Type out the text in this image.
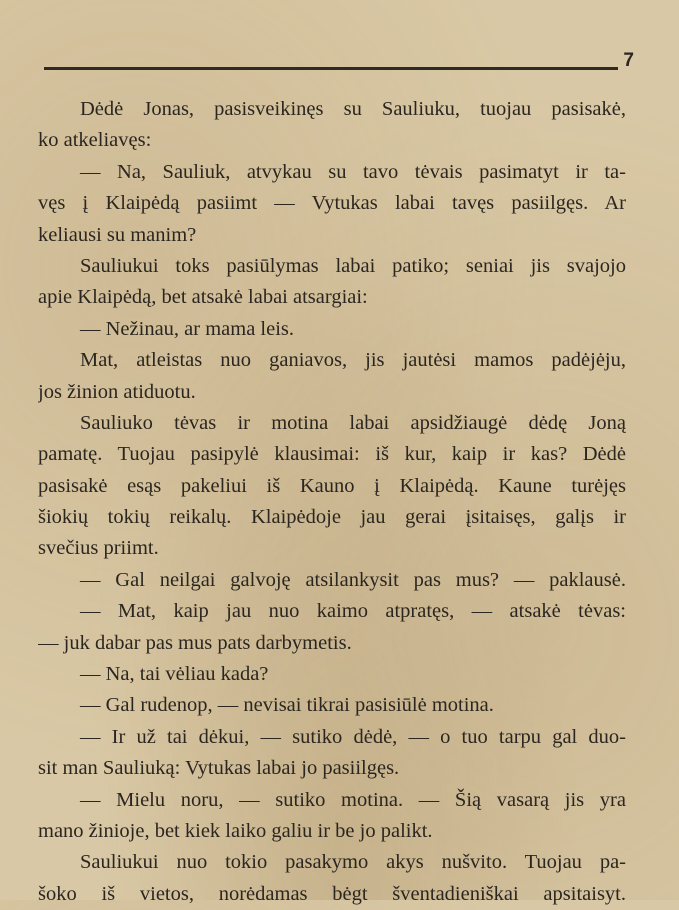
7
Dėdė Jonas, pasisveikinęs su Sauliuku, tuojau pasisakė,
ko atkeliavęs:
— Na, Sauliuk, atvykau su tavo tėvais pasimatyt ir ta-
vęs į Klaipėdą pasiimt — Vytukas labai tavęs pasiilgęs. Ar
keliausi su manim?
Sauliukui toks pasiūlymas labai patiko; seniai jis svajojo
apie Klaipėdą, bet atsakė labai atsargiai:
— Nežinau, ar mama leis.
Mat, atleistas nuo ganiavos, jis jautėsi mamos padėjėju,
jos žinion atiduotu.
Sauliuko tėvas ir motina labai apsidžiaugė dėdę Joną
pamatę. Tuojau pasipylė klausimai: iš kur, kaip ir kas? Dėdė
pasisakė esąs pakeliui iš Kauno į Klaipėdą. Kaune turėjęs
šiokių tokių reikalų. Klaipėdoje jau gerai įsitaisęs, galįs ir
svečius priimt.
— Gal neilgai galvoję atsilankysit pas mus? — paklausė.
— Mat, kaip jau nuo kaimo atpratęs, — atsakė tėvas:
— juk dabar pas mus pats darbymetis.
— Na, tai vėliau kada?
— Gal rudenop, — nevisai tikrai pasisiūlė motina.
— Ir už tai dėkui, — sutiko dėdė, — o tuo tarpu gal duo-
sit man Sauliuką: Vytukas labai jo pasiilgęs.
— Mielu noru, — sutiko motina. — Šią vasarą jis yra
mano žinioje, bet kiek laiko galiu ir be jo palikt.
Sauliukui nuo tokio pasakymo akys nušvito. Tuojau pa-
šoko iš vietos, norėdamas bėgt šventadieniškai apsitaisyt.
